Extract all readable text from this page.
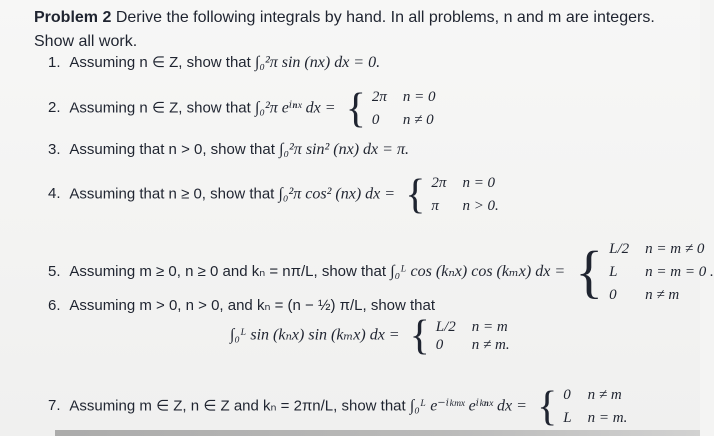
Problem 2 Derive the following integrals by hand. In all problems, n and m are integers. Show all work.
1. Assuming n ∈ Z, show that ∫₀²π sin (nx) dx = 0.
2. Assuming n ∈ Z, show that ∫₀²π eⁱⁿˣ dx = { 2π n = 0
0	n ≠ 0
3. Assuming that n > 0, show that ∫₀²π sin² (nx) dx = π.
4. Assuming that n ≥ 0, show that ∫₀²π cos² (nx) dx = { 2π n = 0
π	n > 0.
5. Assuming m ≥ 0, n ≥ 0 and kₙ = nπ/L, show that ∫₀ᴸ cos (kₙx) cos (kₘx) dx = { L/2 n = m ≠ 0
L	n = m = 0 .
0	n ≠ m
6. Assuming m > 0, n > 0, and kₙ = (n − ½) π/L, show that
∫₀ᴸ sin (kₙx) sin (kₘx) dx = { L/2 n = m
0	n ≠ m.
7. Assuming m ∈ Z, n ∈ Z and kₙ = 2πn/L, show that ∫₀ᴸ e⁻ⁱᵏᵐˣ eⁱᵏⁿˣ dx = { 0 n ≠ m
L n = m.
